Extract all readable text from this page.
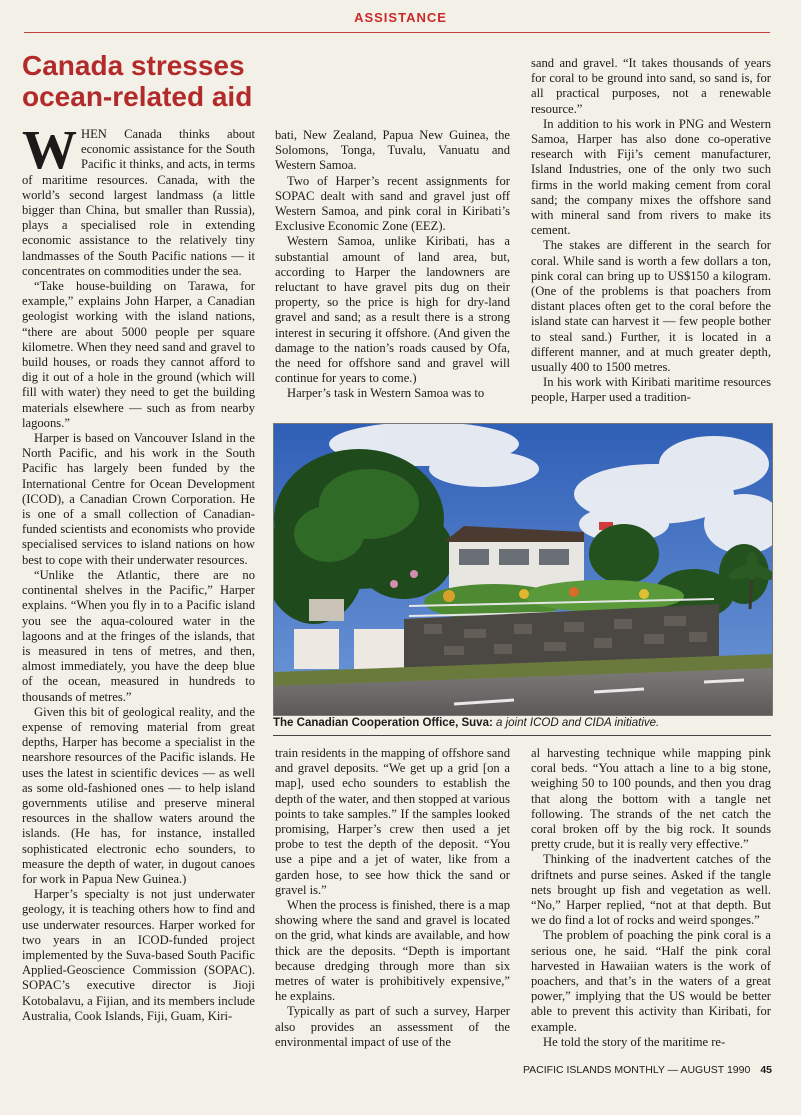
ASSISTANCE
Canada stresses ocean-related aid

WHEN Canada thinks about economic assistance for the South Pacific it thinks, and acts, in terms of maritime resources. Canada, with the world’s second largest landmass (a little bigger than China, but smaller than Russia), plays a specialised role in extending economic assistance to the relatively tiny landmasses of the South Pacific nations — it concentrates on commodities under the sea.

“Take house-building on Tarawa, for example,” explains John Harper, a Canadian geologist working with the island nations, “there are about 5000 people per square kilometre. When they need sand and gravel to build houses, or roads they cannot afford to dig it out of a hole in the ground (which will fill with water) they need to get the building materials elsewhere — such as from nearby lagoons.”

Harper is based on Vancouver Island in the North Pacific, and his work in the South Pacific has largely been funded by the International Centre for Ocean Development (ICOD), a Canadian Crown Corporation. He is one of a small collection of Canadian-funded scientists and economists who provide specialised services to island nations on how best to cope with their underwater resources.

“Unlike the Atlantic, there are no continental shelves in the Pacific,” Harper explains. “When you fly in to a Pacific island you see the aqua-coloured water in the lagoons and at the fringes of the islands, that is measured in tens of metres, and then, almost immediately, you have the deep blue of the ocean, measured in hundreds to thousands of metres.”

Given this bit of geological reality, and the expense of removing material from great depths, Harper has become a specialist in the nearshore resources of the Pacific islands. He uses the latest in scientific devices — as well as some old-fashioned ones — to help island governments utilise and preserve mineral resources in the shallow waters around the islands. (He has, for instance, installed sophisticated electronic echo sounders, to measure the depth of water, in dugout canoes for work in Papua New Guinea.)

Harper’s specialty is not just underwater geology, it is teaching others how to find and use underwater resources. Harper worked for two years in an ICOD-funded project implemented by the Suva-based South Pacific Applied-Geoscience Commission (SOPAC). SOPAC’s executive director is Jioji Kotobalavu, a Fijian, and its members include Australia, Cook Islands, Fiji, Guam, Kiri-

bati, New Zealand, Papua New Guinea, the Solomons, Tonga, Tuvalu, Vanuatu and Western Samoa.

Two of Harper’s recent assignments for SOPAC dealt with sand and gravel just off Western Samoa, and pink coral in Kiribati’s Exclusive Economic Zone (EEZ).

Western Samoa, unlike Kiribati, has a substantial amount of land area, but, according to Harper the landowners are reluctant to have gravel pits dug on their property, so the price is high for dry-land gravel and sand; as a result there is a strong interest in securing it offshore. (And given the damage to the nation’s roads caused by Ofa, the need for offshore sand and gravel will continue for years to come.)

Harper’s task in Western Samoa was to

sand and gravel. “It takes thousands of years for coral to be ground into sand, so sand is, for all practical purposes, not a renewable resource.”

In addition to his work in PNG and Western Samoa, Harper has also done co-operative research with Fiji’s cement manufacturer, Island Industries, one of the only two such firms in the world making cement from coral sand; the company mixes the offshore sand with mineral sand from rivers to make its cement.

The stakes are different in the search for coral. While sand is worth a few dollars a ton, pink coral can bring up to US$150 a kilogram. (One of the problems is that poachers from distant places often get to the coral before the island state can harvest it — few people bother to steal sand.) Further, it is located in a different manner, and at much greater depth, usually 400 to 1500 metres.

In his work with Kiribati maritime resources people, Harper used a tradition-

The Canadian Cooperation Office, Suva: a joint ICOD and CIDA initiative.

train residents in the mapping of offshore sand and gravel deposits. “We get up a grid [on a map], used echo sounders to establish the depth of the water, and then stopped at various points to take samples.” If the samples looked promising, Harper’s crew then used a jet probe to test the depth of the deposit. “You use a pipe and a jet of water, like from a garden hose, to see how thick the sand or gravel is.”

When the process is finished, there is a map showing where the sand and gravel is located on the grid, what kinds are available, and how thick are the deposits. “Depth is important because dredging through more than six metres of water is prohibitively expensive,” he explains.

Typically as part of such a survey, Harper also provides an assessment of the environmental impact of use of the

al harvesting technique while mapping pink coral beds. “You attach a line to a big stone, weighing 50 to 100 pounds, and then you drag that along the bottom with a tangle net following. The strands of the net catch the coral broken off by the big rock. It sounds pretty crude, but it is really very effective.”

Thinking of the inadvertent catches of the driftnets and purse seines. Asked if the tangle nets brought up fish and vegetation as well. “No,” Harper replied, “not at that depth. But we do find a lot of rocks and weird sponges.”

The problem of poaching the pink coral is a serious one, he said. “Half the pink coral harvested in Hawaiian waters is the work of poachers, and that’s in the waters of a great power,” implying that the US would be better able to prevent this activity than Kiribati, for example.

He told the story of the maritime re-

PACIFIC ISLANDS MONTHLY — AUGUST 1990 45
